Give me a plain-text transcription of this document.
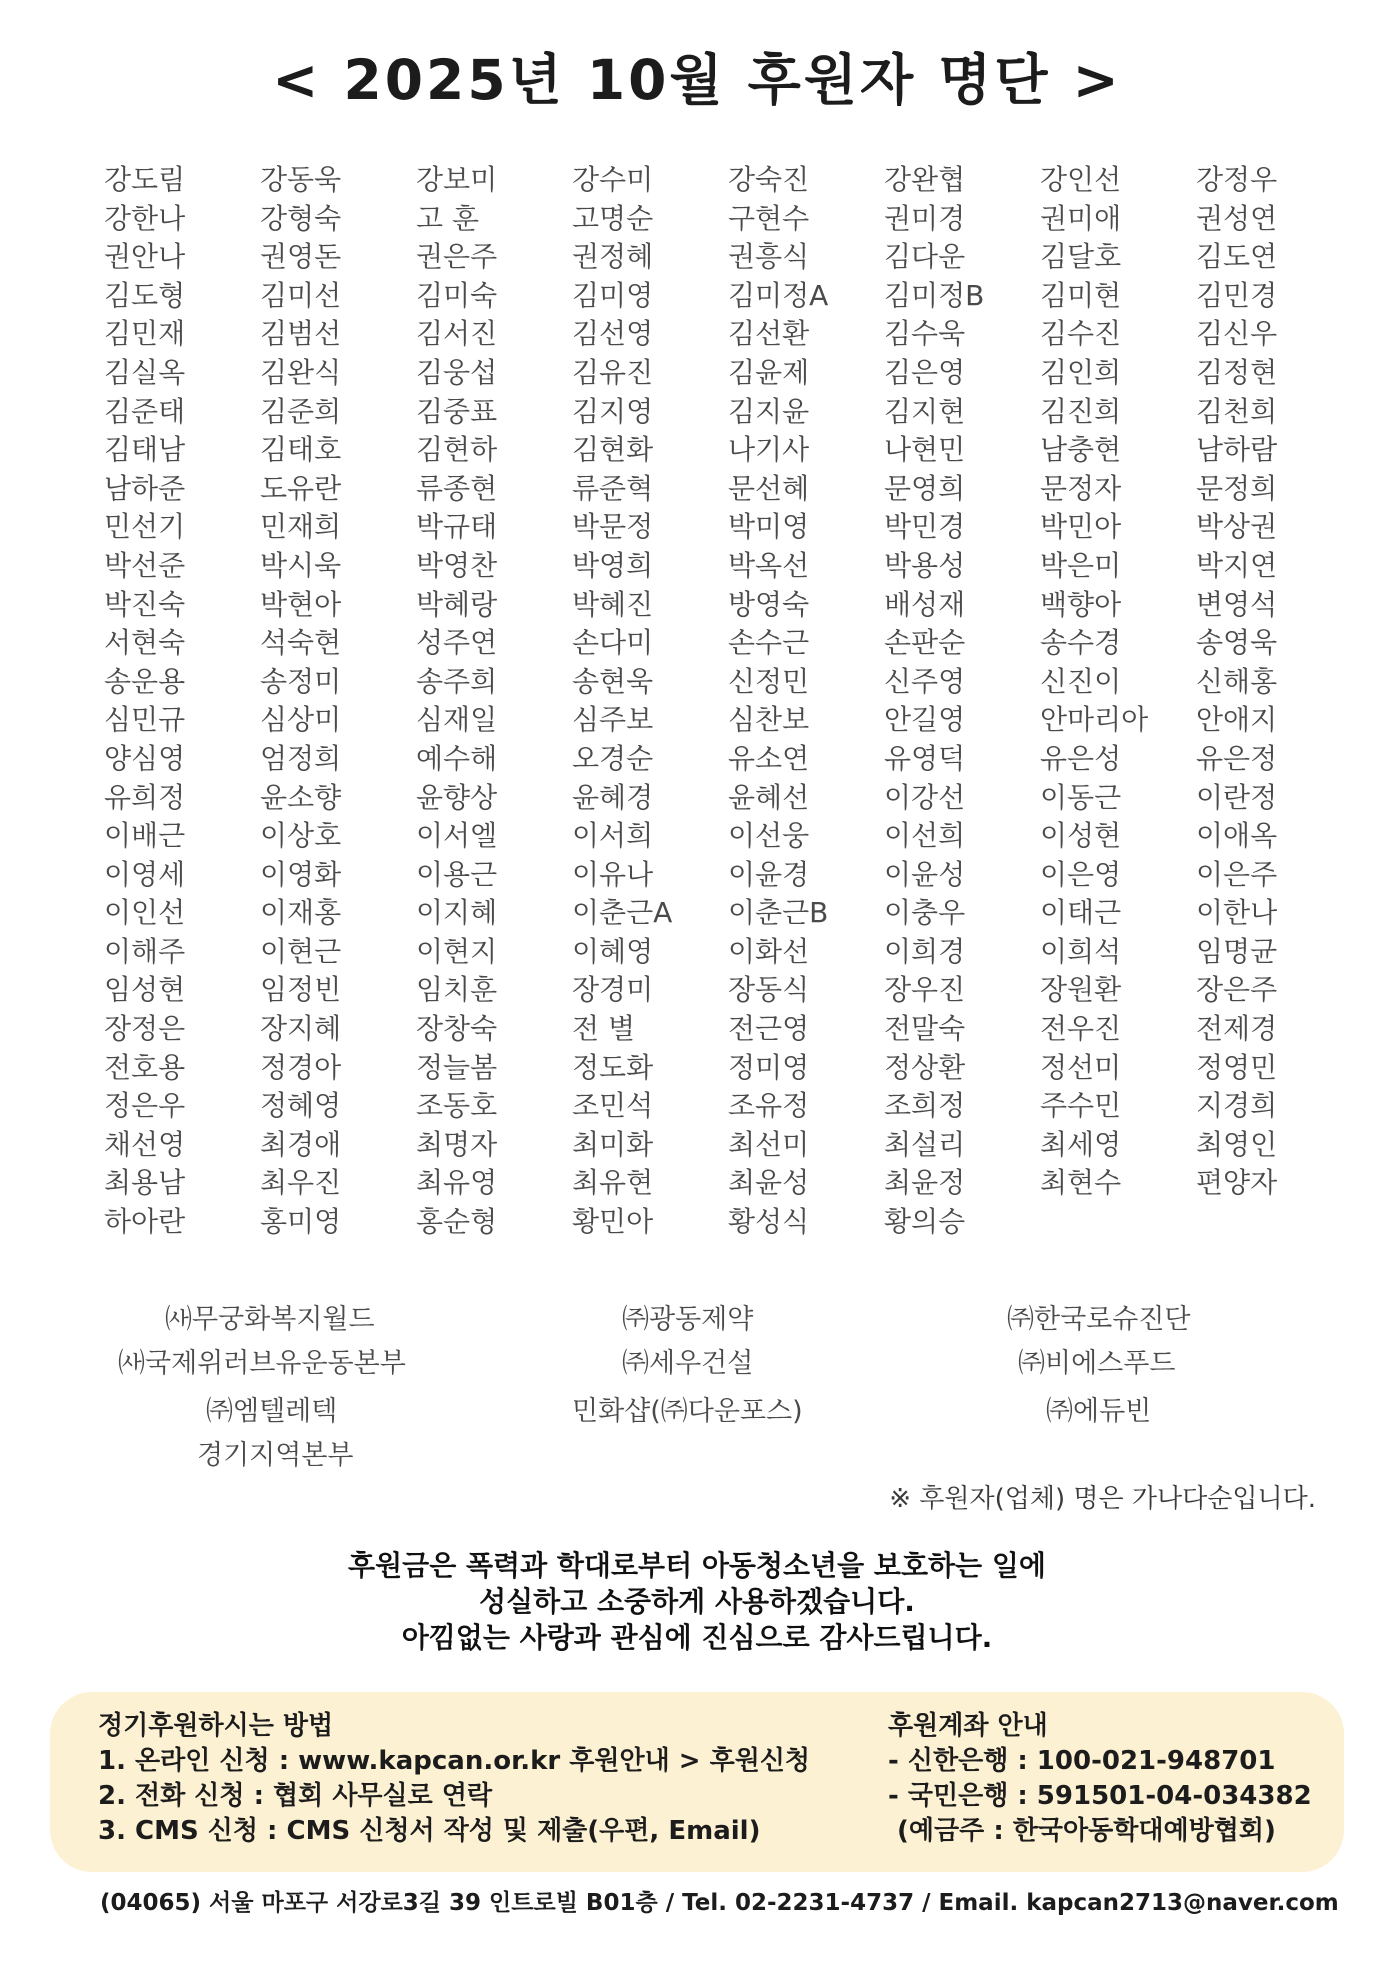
< 2025년 10월 후원자 명단 >
강도림	강동욱	강보미	강수미	강숙진	강완협	강인선	강정우
강한나	강형숙	고 훈	고명순	구현수	권미경	권미애	권성연
권안나	권영돈	권은주	권정혜	권흥식	김다운	김달호	김도연
김도형	김미선	김미숙	김미영	김미정A	김미정B	김미현	김민경
김민재	김범선	김서진	김선영	김선환	김수욱	김수진	김신우
김실옥	김완식	김웅섭	김유진	김윤제	김은영	김인희	김정현
김준태	김준희	김중표	김지영	김지윤	김지현	김진희	김천희
김태남	김태호	김현하	김현화	나기사	나현민	남충현	남하람
남하준	도유란	류종현	류준혁	문선혜	문영희	문정자	문정희
민선기	민재희	박규태	박문정	박미영	박민경	박민아	박상권
박선준	박시욱	박영찬	박영희	박옥선	박용성	박은미	박지연
박진숙	박현아	박혜랑	박혜진	방영숙	배성재	백향아	변영석
서현숙	석숙현	성주연	손다미	손수근	손판순	송수경	송영욱
송운용	송정미	송주희	송현욱	신정민	신주영	신진이	신해홍
심민규	심상미	심재일	심주보	심찬보	안길영	안마리아	안애지
양심영	엄정희	예수해	오경순	유소연	유영덕	유은성	유은정
유희정	윤소향	윤향상	윤혜경	윤혜선	이강선	이동근	이란정
이배근	이상호	이서엘	이서희	이선웅	이선희	이성현	이애옥
이영세	이영화	이용근	이유나	이윤경	이윤성	이은영	이은주
이인선	이재홍	이지혜	이춘근A	이춘근B	이충우	이태근	이한나
이해주	이현근	이현지	이혜영	이화선	이희경	이희석	임명균
임성현	임정빈	임치훈	장경미	장동식	장우진	장원환	장은주
장정은	장지혜	장창숙	전 별	전근영	전말숙	전우진	전제경
전호용	정경아	정늘봄	정도화	정미영	정상환	정선미	정영민
정은우	정혜영	조동호	조민석	조유정	조희정	주수민	지경희
채선영	최경애	최명자	최미화	최선미	최설리	최세영	최영인
최용남	최우진	최유영	최유현	최윤성	최윤정	최현수	편양자
하아란	홍미영	홍순형	황민아	황성식	황의승
㈔무궁화복지월드
㈔국제위러브유운동본부
㈜엠텔레텍
경기지역본부
㈜광동제약
㈜세우건설
민화샵(㈜다운포스)
㈜한국로슈진단
㈜비에스푸드
㈜에듀빈
※ 후원자(업체) 명은 가나다순입니다.
후원금은 폭력과 학대로부터 아동청소년을 보호하는 일에
성실하고 소중하게 사용하겠습니다.
아낌없는 사랑과 관심에 진심으로 감사드립니다.
정기후원하시는 방법
1. 온라인 신청 : www.kapcan.or.kr 후원안내 > 후원신청
2. 전화 신청 : 협회 사무실로 연락
3. CMS 신청 : CMS 신청서 작성 및 제출(우편, Email)
후원계좌 안내
- 신한은행 : 100-021-948701
- 국민은행 : 591501-04-034382
(예금주 : 한국아동학대예방협회)
(04065) 서울 마포구 서강로3길 39 인트로빌 B01층 / Tel. 02-2231-4737 / Email. kapcan2713@naver.com
